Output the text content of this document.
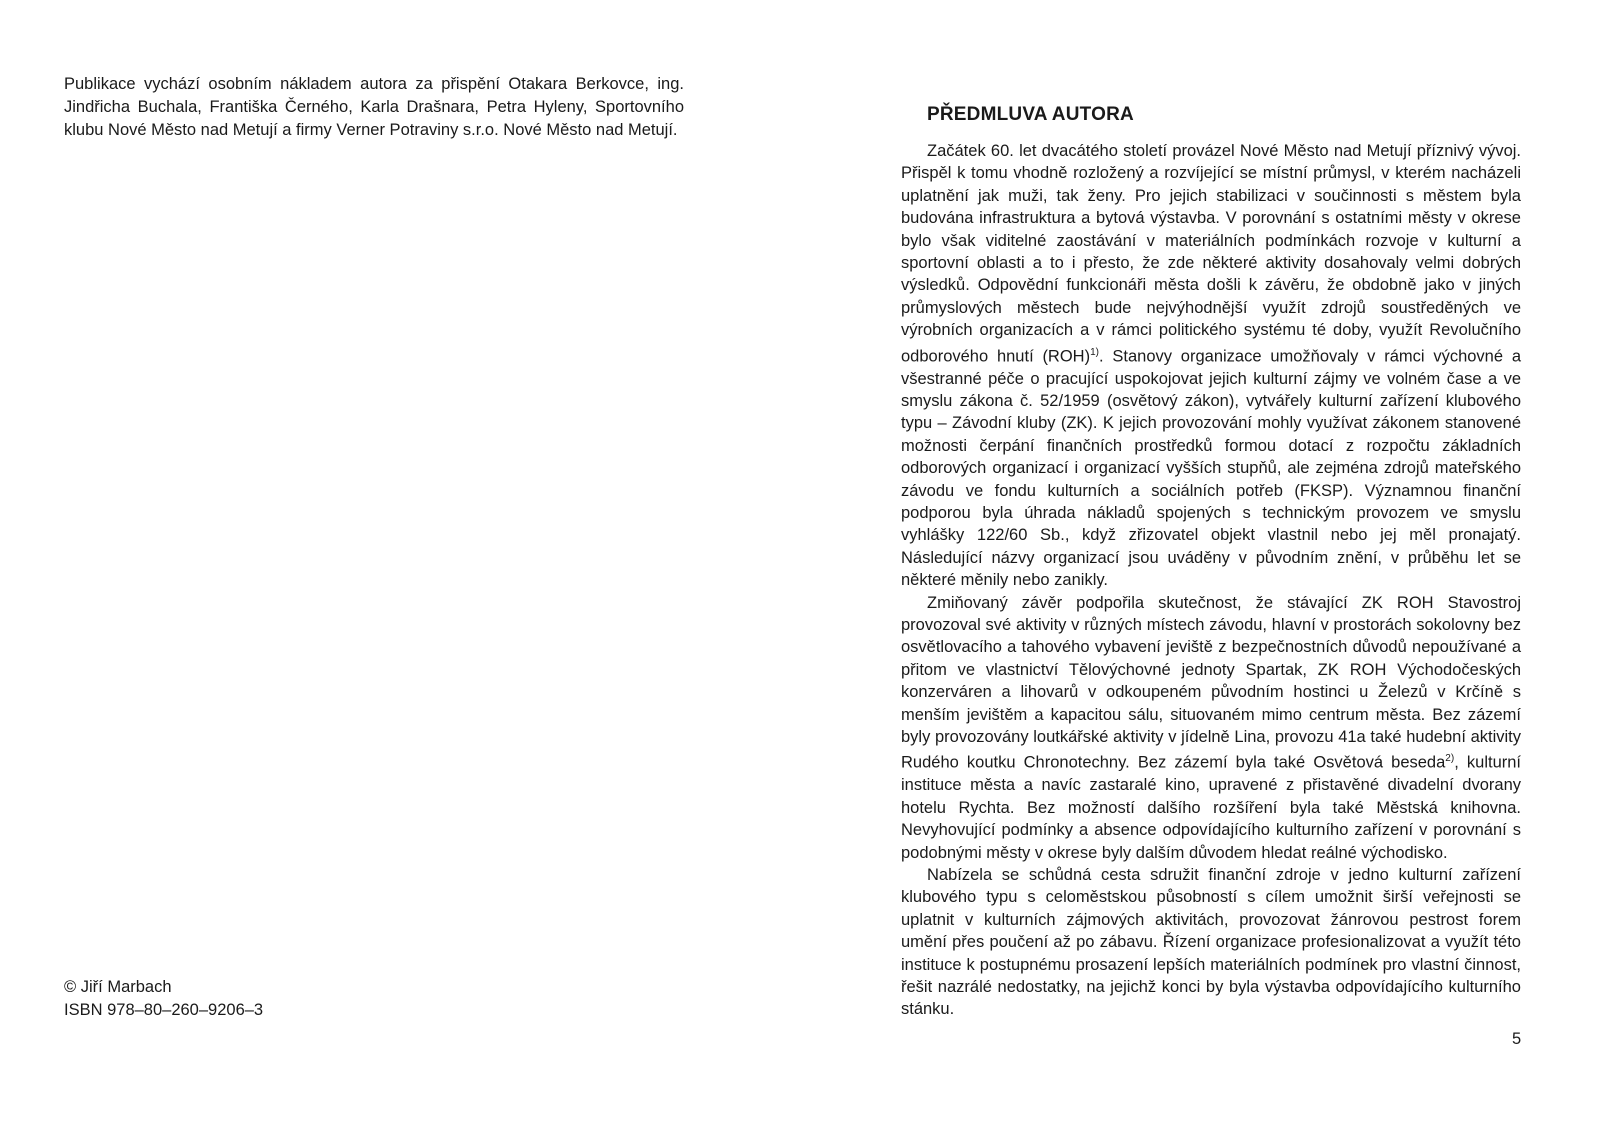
Publikace vychází osobním nákladem autora za přispění Otakara Berkovce, ing. Jindřicha Buchala, Františka Černého, Karla Drašnara, Petra Hyleny, Sportovního klubu Nové Město nad Metují a firmy Verner Potraviny s.r.o. Nové Město nad Metují.

© Jiří Marbach
ISBN 978–80–260–9206–3
PŘEDMLUVA AUTORA

Začátek 60. let dvacátého století provázel Nové Město nad Metují příznivý vývoj. Přispěl k tomu vhodně rozložený a rozvíjející se místní průmysl, v kterém nacházeli uplatnění jak muži, tak ženy. Pro jejich stabilizaci v součinnosti s městem byla budována infrastruktura a bytová výstavba. V porovnání s ostatními městy v okrese bylo však viditelné zaostávání v materiálních podmínkách rozvoje v kulturní a sportovní oblasti a to i přesto, že zde některé aktivity dosahovaly velmi dobrých výsledků. Odpovědní funkcionáři města došli k závěru, že obdobně jako v jiných průmyslových městech bude nejvýhodnější využít zdrojů soustředěných ve výrobních organizacích a v rámci politického systému té doby, využít Revolučního odborového hnutí (ROH)$^{1)}$. Stanovy organizace umožňovaly v rámci výchovné a všestranné péče o pracující uspokojovat jejich kulturní zájmy ve volném čase a ve smyslu zákona č. 52/1959 (osvětový zákon), vytvářely kulturní zařízení klubového typu – Závodní kluby (ZK). K jejich provozování mohly využívat zákonem stanovené možnosti čerpání finančních prostředků formou dotací z rozpočtu základních odborových organizací i organizací vyšších stupňů, ale zejména zdrojů mateřského závodu ve fondu kulturních a sociálních potřeb (FKSP). Významnou finanční podporou byla úhrada nákladů spojených s technickým provozem ve smyslu vyhlášky 122/60 Sb., když zřizovatel objekt vlastnil nebo jej měl pronajatý. Následující názvy organizací jsou uváděny v původním znění, v průběhu let se některé měnily nebo zanikly.

Zmiňovaný závěr podpořila skutečnost, že stávající ZK ROH Stavostroj provozoval své aktivity v různých místech závodu, hlavní v prostorách sokolovny bez osvětlovacího a tahového vybavení jeviště z bezpečnostních důvodů nepoužívané a přitom ve vlastnictví Tělovýchovné jednoty Spartak, ZK ROH Východočeských konzerváren a lihovarů v odkoupeném původním hostinci u Železů v Krčíně s menším jevištěm a kapacitou sálu, situovaném mimo centrum města. Bez zázemí byly provozovány loutkářské aktivity v jídelně Lina, provozu 41a také hudební aktivity Rudého koutku Chronotechny. Bez zázemí byla také Osvětová beseda$^{2)}$, kulturní instituce města a navíc zastaralé kino, upravené z přistavěné divadelní dvorany hotelu Rychta. Bez možností dalšího rozšíření byla také Městská knihovna. Nevyhovující podmínky a absence odpovídajícího kulturního zařízení v porovnání s podobnými městy v okrese byly dalším důvodem hledat reálné východisko.

Nabízela se schůdná cesta sdružit finanční zdroje v jedno kulturní zařízení klubového typu s celoměstskou působností s cílem umožnit širší veřejnosti se uplatnit v kulturních zájmových aktivitách, provozovat žánrovou pestrost forem umění přes poučení až po zábavu. Řízení organizace profesionalizovat a využít této instituce k postupnému prosazení lepších materiálních podmínek pro vlastní činnost, řešit nazrálé nedostatky, na jejichž konci by byla výstavba odpovídajícího kulturního stánku.

5
